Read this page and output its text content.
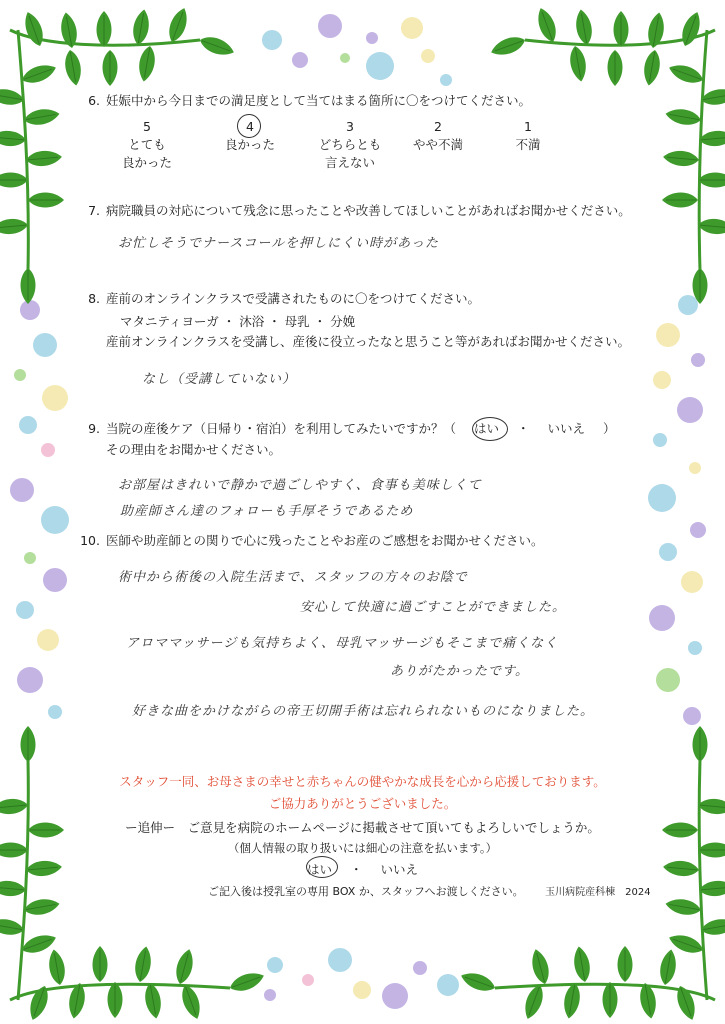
6. 妊娠中から今日までの満足度として当てはまる箇所に〇をつけてください。
5
とても
良かった
4
良かった
3
どちらとも
言えない
2
やや不満
1
不満
7. 病院職員の対応について残念に思ったことや改善してほしいことがあればお聞かせください。
お忙しそうでナースコールを押しにくい時があった
8. 産前のオンラインクラスで受講されたものに〇をつけてください。
マタニティヨーガ ・ 沐浴 ・ 母乳 ・ 分娩
産前オンラインクラスを受講し、産後に役立ったなと思うこと等があればお聞かせください。
なし（受講していない）
9. 当院の産後ケア（日帰り・宿泊）を利用してみたいですか？（ はい ・ いいえ ）
その理由をお聞かせください。
お部屋はきれいで静かで過ごしやすく、食事も美味しくて
助産師さん達のフォローも手厚そうであるため
10. 医師や助産師との関りで心に残ったことやお産のご感想をお聞かせください。
術中から術後の入院生活まで、スタッフの方々のお陰で
安心して快適に過ごすことができました。
アロママッサージも気持ちよく、母乳マッサージもそこまで痛くなく
ありがたかったです。
好きな曲をかけながらの帝王切開手術は忘れられないものになりました。
スタッフ一同、お母さまの幸せと赤ちゃんの健やかな成長を心から応援しております。
ご協力ありがとうございました。
ー追伸ー　ご意見を病院のホームページに掲載させて頂いてもよろしいでしょうか。
（個人情報の取り扱いには細心の注意を払います。）
はい ・ いいえ
ご記入後は授乳室の専用 BOX か、スタッフへお渡しください。 玉川病院産科棟　2024
